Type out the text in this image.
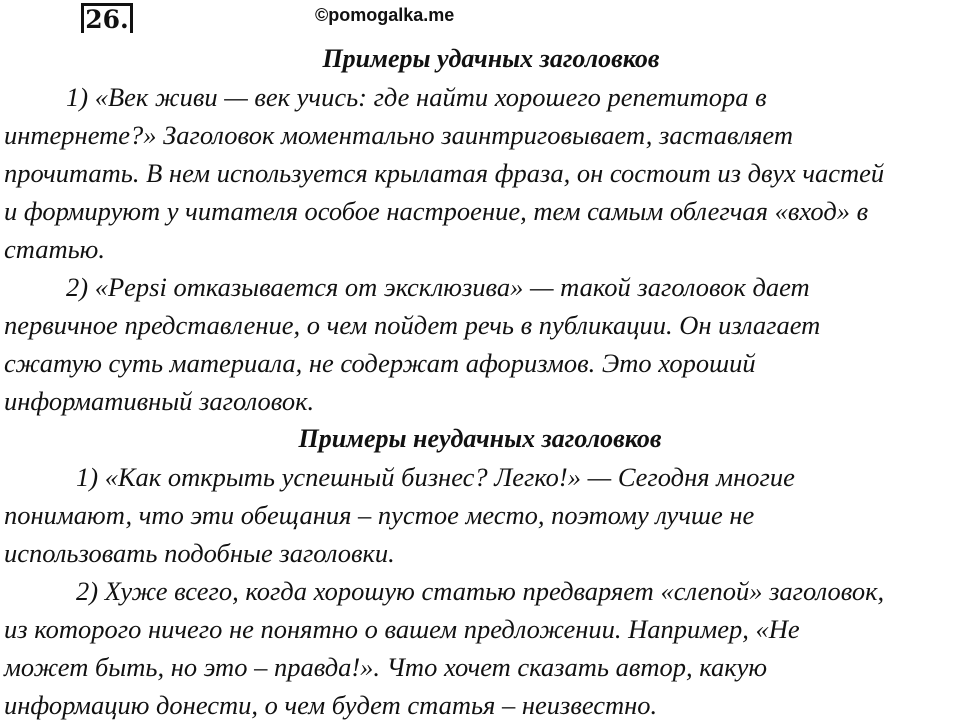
26.	©pomogalka.me
Примеры удачных заголовков

1) «Век живи — век учись: где найти хорошего репетитора в
интернете?» Заголовок моментально заинтриговывает, заставляет
прочитать. В нем используется крылатая фраза, он состоит из двух частей
и формируют у читателя особое настроение, тем самым облегчая «вход» в
статью.

2) «Pepsi отказывается от эксклюзива» — такой заголовок дает
первичное представление, о чем пойдет речь в публикации. Он излагает
сжатую суть материала, не содержат афоризмов. Это хороший
информативный заголовок.

Примеры неудачных заголовков

1) «Как открыть успешный бизнес? Легко!» — Сегодня многие
понимают, что эти обещания – пустое место, поэтому лучше не
использовать подобные заголовки.

2) Хуже всего, когда хорошую статью предваряет «слепой» заголовок,
из которого ничего не понятно о вашем предложении. Например, «Не
может быть, но это – правда!». Что хочет сказать автор, какую
информацию донести, о чем будет статья – неизвестно.
